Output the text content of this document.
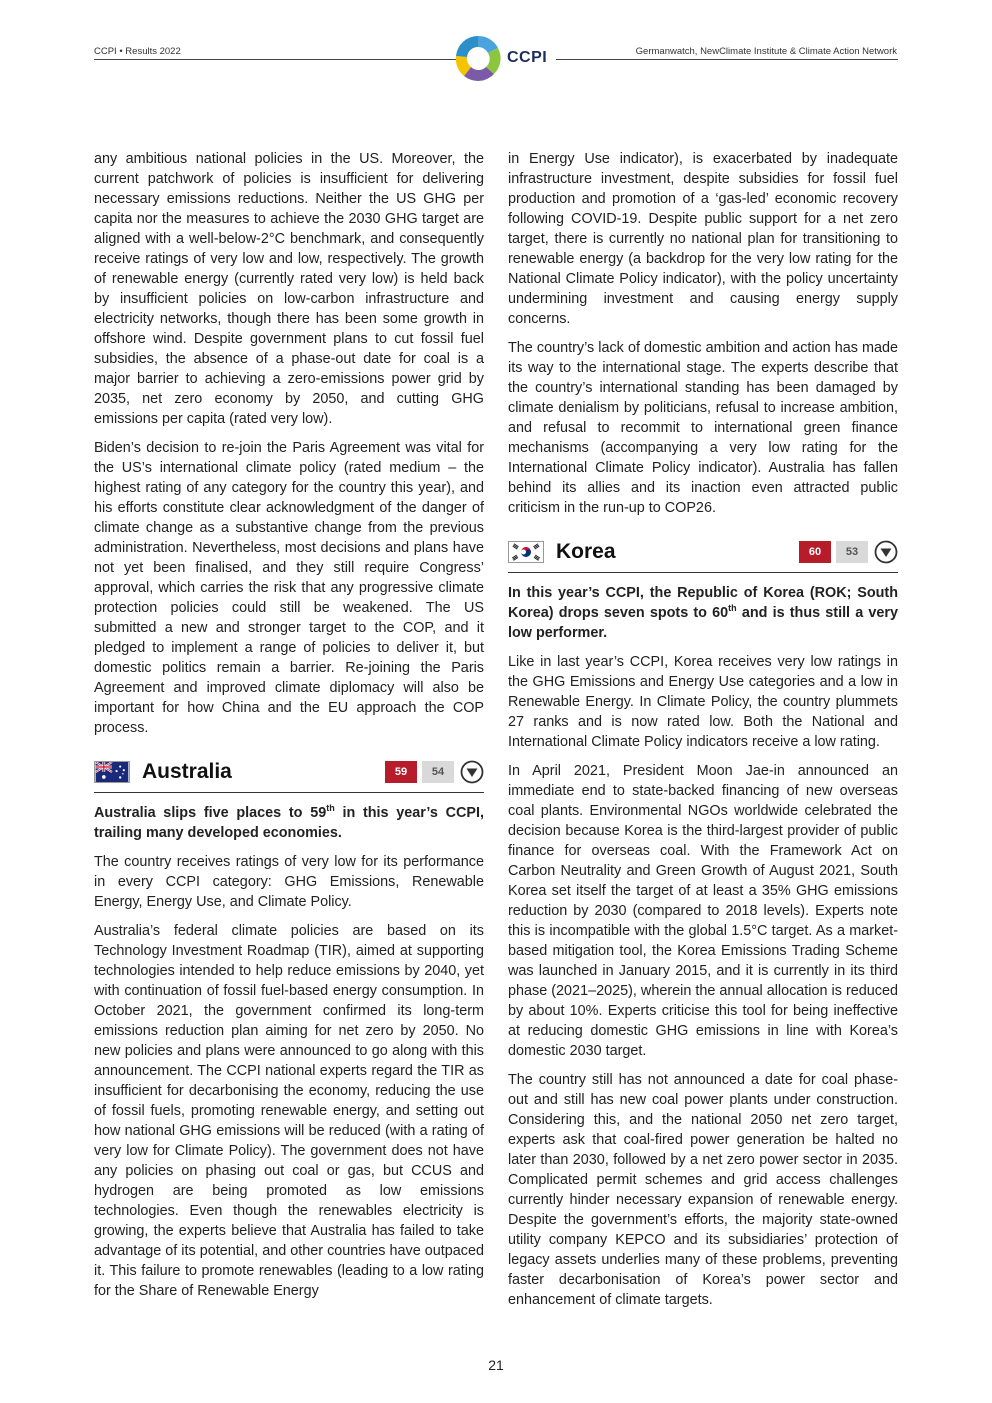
CCPI • Results 2022	CCPI	Germanwatch, NewClimate Institute & Climate Action Network

any ambitious national policies in the US. Moreover, the current patchwork of policies is insufficient for delivering necessary emissions reductions. Neither the US GHG per capita nor the measures to achieve the 2030 GHG target are aligned with a well-below-2°C benchmark, and consequently receive ratings of very low and low, respectively. The growth of renewable energy (currently rated very low) is held back by insufficient policies on low-carbon infrastructure and electricity networks, though there has been some growth in offshore wind. Despite government plans to cut fossil fuel subsidies, the absence of a phase-out date for coal is a major barrier to achieving a zero-emissions power grid by 2035, net zero economy by 2050, and cutting GHG emissions per capita (rated very low).

Biden’s decision to re-join the Paris Agreement was vital for the US’s international climate policy (rated medium – the highest rating of any category for the country this year), and his efforts constitute clear acknowledgment of the danger of climate change as a substantive change from the previous administration. Nevertheless, most decisions and plans have not yet been finalised, and they still require Congress’ approval, which carries the risk that any progressive climate protection policies could still be weakened. The US submitted a new and stronger target to the COP, and it pledged to implement a range of policies to deliver it, but domestic politics remain a barrier. Re-joining the Paris Agreement and improved climate diplomacy will also be important for how China and the EU approach the COP process.

Australia	59	54

Australia slips five places to 59th in this year’s CCPI, trailing many developed economies.

The country receives ratings of very low for its performance in every CCPI category: GHG Emissions, Renewable Energy, Energy Use, and Climate Policy.

Australia’s federal climate policies are based on its Technology Investment Roadmap (TIR), aimed at supporting technologies intended to help reduce emissions by 2040, yet with continuation of fossil fuel-based energy consumption. In October 2021, the government confirmed its long-term emissions reduction plan aiming for net zero by 2050. No new policies and plans were announced to go along with this announcement. The CCPI national experts regard the TIR as insufficient for decarbonising the economy, reducing the use of fossil fuels, promoting renewable energy, and setting out how national GHG emissions will be reduced (with a rating of very low for Climate Policy). The government does not have any policies on phasing out coal or gas, but CCUS and hydrogen are being promoted as low emissions technologies. Even though the renewables electricity is growing, the experts believe that Australia has failed to take advantage of its potential, and other countries have outpaced it. This failure to promote renewables (leading to a low rating for the Share of Renewable Energy

in Energy Use indicator), is exacerbated by inadequate infrastructure investment, despite subsidies for fossil fuel production and promotion of a ‘gas-led’ economic recovery following COVID-19. Despite public support for a net zero target, there is currently no national plan for transitioning to renewable energy (a backdrop for the very low rating for the National Climate Policy indicator), with the policy uncertainty undermining investment and causing energy supply concerns.

The country’s lack of domestic ambition and action has made its way to the international stage. The experts describe that the country’s international standing has been damaged by climate denialism by politicians, refusal to increase ambition, and refusal to recommit to international green finance mechanisms (accompanying a very low rating for the International Climate Policy indicator). Australia has fallen behind its allies and its inaction even attracted public criticism in the run-up to COP26.

Korea	60	53

In this year’s CCPI, the Republic of Korea (ROK; South Korea) drops seven spots to 60th and is thus still a very low performer.

Like in last year’s CCPI, Korea receives very low ratings in the GHG Emissions and Energy Use categories and a low in Renewable Energy. In Climate Policy, the country plummets 27 ranks and is now rated low. Both the National and International Climate Policy indicators receive a low rating.

In April 2021, President Moon Jae-in announced an immediate end to state-backed financing of new overseas coal plants. Environmental NGOs worldwide celebrated the decision because Korea is the third-largest provider of public finance for overseas coal. With the Framework Act on Carbon Neutrality and Green Growth of August 2021, South Korea set itself the target of at least a 35% GHG emissions reduction by 2030 (compared to 2018 levels). Experts note this is incompatible with the global 1.5°C target. As a market-based mitigation tool, the Korea Emissions Trading Scheme was launched in January 2015, and it is currently in its third phase (2021–2025), wherein the annual allocation is reduced by about 10%. Experts criticise this tool for being ineffective at reducing domestic GHG emissions in line with Korea’s domestic 2030 target.

The country still has not announced a date for coal phase-out and still has new coal power plants under construction. Considering this, and the national 2050 net zero target, experts ask that coal-fired power generation be halted no later than 2030, followed by a net zero power sector in 2035. Complicated permit schemes and grid access challenges currently hinder necessary expansion of renewable energy. Despite the government’s efforts, the majority state-owned utility company KEPCO and its subsidiaries’ protection of legacy assets underlies many of these problems, preventing faster decarbonisation of Korea’s power sector and enhancement of climate targets.

21
